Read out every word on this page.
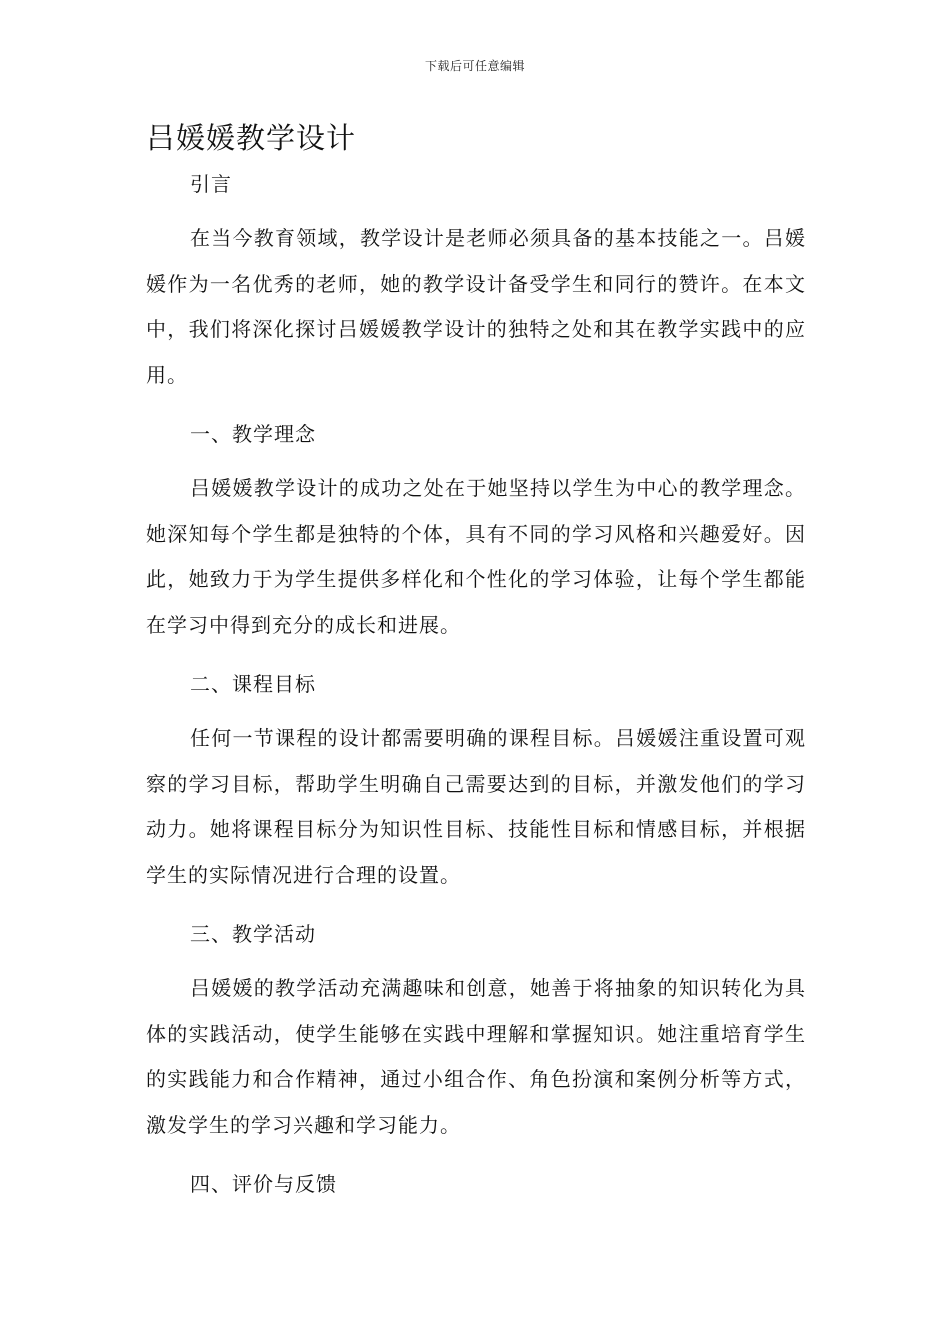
下载后可任意编辑
吕媛媛教学设计

引言

在当今教育领域，教学设计是老师必须具备的基本技能之一。吕媛媛作为一名优秀的老师，她的教学设计备受学生和同行的赞许。在本文中，我们将深化探讨吕媛媛教学设计的独特之处和其在教学实践中的应用。

一、教学理念

吕媛媛教学设计的成功之处在于她坚持以学生为中心的教学理念。她深知每个学生都是独特的个体，具有不同的学习风格和兴趣爱好。因此，她致力于为学生提供多样化和个性化的学习体验，让每个学生都能在学习中得到充分的成长和进展。

二、课程目标

任何一节课程的设计都需要明确的课程目标。吕媛媛注重设置可观察的学习目标，帮助学生明确自己需要达到的目标，并激发他们的学习动力。她将课程目标分为知识性目标、技能性目标和情感目标，并根据学生的实际情况进行合理的设置。

三、教学活动

吕媛媛的教学活动充满趣味和创意，她善于将抽象的知识转化为具体的实践活动，使学生能够在实践中理解和掌握知识。她注重培育学生的实践能力和合作精神，通过小组合作、角色扮演和案例分析等方式，激发学生的学习兴趣和学习能力。

四、评价与反馈
